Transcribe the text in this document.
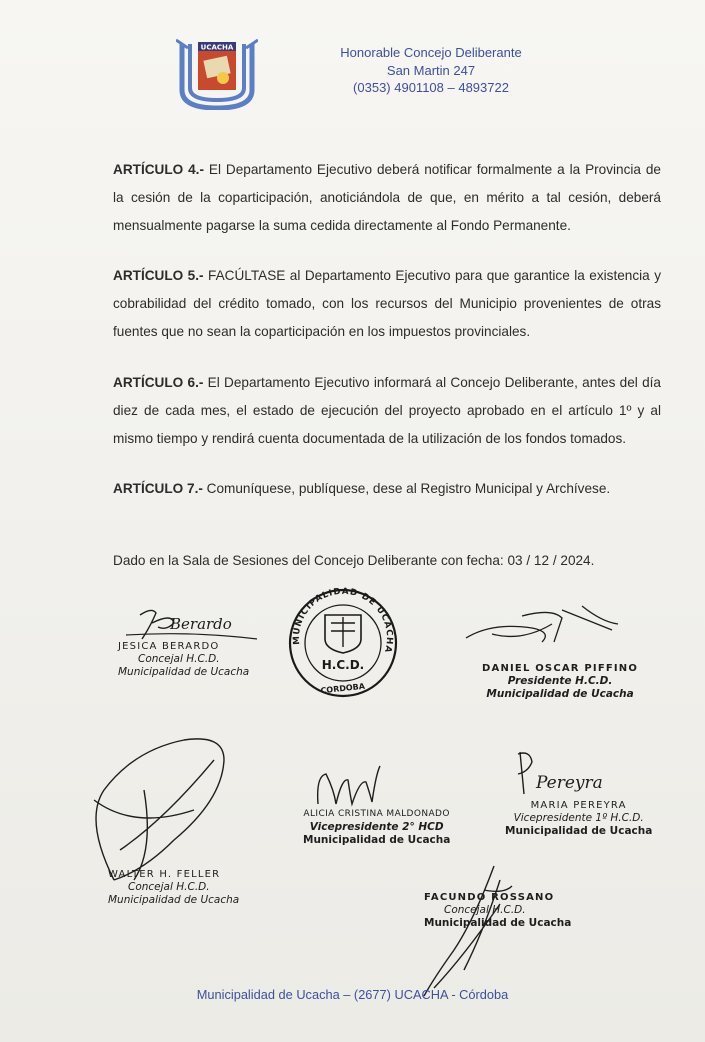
UCACHA	Honorable Concejo Deliberante
San Martin 247
(0353) 4901108 – 4893722
ARTÍCULO 4.- El Departamento Ejecutivo deberá notificar formalmente a la Provincia de la cesión de la coparticipación, anoticiándola de que, en mérito a tal cesión, deberá mensualmente pagarse la suma cedida directamente al Fondo Permanente.
ARTÍCULO 5.- FACÚLTASE al Departamento Ejecutivo para que garantice la existencia y cobrabilidad del crédito tomado, con los recursos del Municipio provenientes de otras fuentes que no sean la coparticipación en los impuestos provinciales.
ARTÍCULO 6.- El Departamento Ejecutivo informará al Concejo Deliberante, antes del día diez de cada mes, el estado de ejecución del proyecto aprobado en el artículo 1º y al mismo tiempo y rendirá cuenta documentada de la utilización de los fondos tomados.
ARTÍCULO 7.- Comuníquese, publíquese, dese al Registro Municipal y Archívese.
Dado en la Sala de Sesiones del Concejo Deliberante con fecha: 03 / 12 / 2024.
Berardo
JESICA BERARDO
Concejal H.C.D.
Municipalidad de Ucacha
MUNICIPALIDAD DE UCACHA
H.C.D.
CORDOBA
DANIEL OSCAR PIFFINO
Presidente H.C.D.
Municipalidad de Ucacha
WALTER H. FELLER
Concejal H.C.D.
Municipalidad de Ucacha
ALICIA CRISTINA MALDONADO
Vicepresidente 2° HCD
Municipalidad de Ucacha
Pereyra
MARIA PEREYRA
Vicepresidente 1º H.C.D.
Municipalidad de Ucacha
FACUNDO ROSSANO
Concejal H.C.D.
Municipalidad de Ucacha
Municipalidad de Ucacha – (2677) UCACHA - Córdoba
